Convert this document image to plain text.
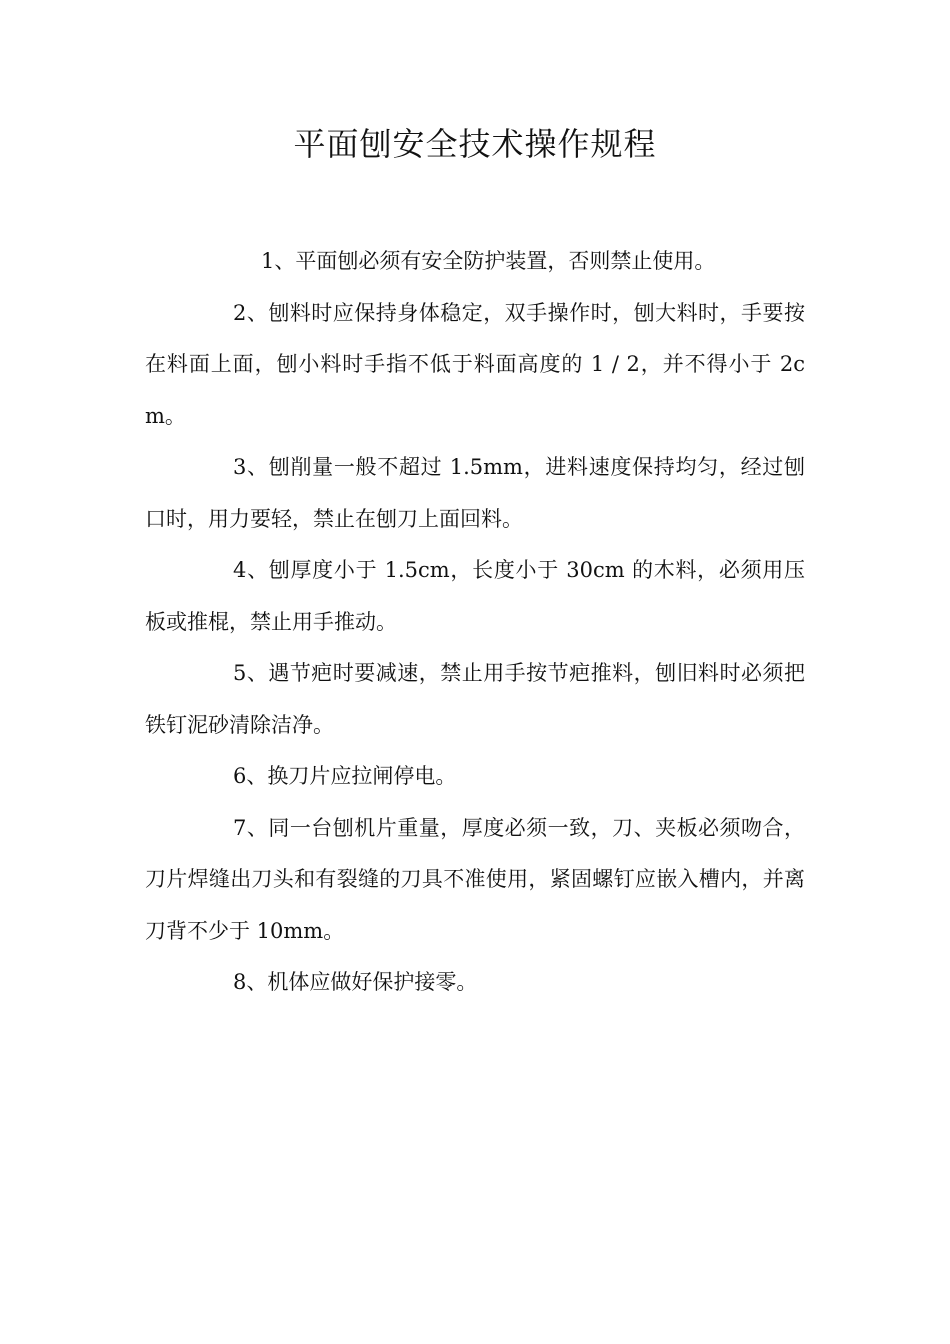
平面刨安全技术操作规程

1、平面刨必须有安全防护装置，否则禁止使用。

2、刨料时应保持身体稳定，双手操作时，刨大料时，手要按在料面上面，刨小料时手指不低于料面高度的 1 / 2，并不得小于 2cm。

3、刨削量一般不超过 1.5mm，进料速度保持均匀，经过刨口时，用力要轻，禁止在刨刀上面回料。

4、刨厚度小于 1.5cm，长度小于 30cm 的木料，必须用压板或推棍，禁止用手推动。

5、遇节疤时要减速，禁止用手按节疤推料，刨旧料时必须把铁钉泥砂清除洁净。

6、换刀片应拉闸停电。

7、同一台刨机片重量，厚度必须一致，刀、夹板必须吻合，刀片焊缝出刀头和有裂缝的刀具不准使用，紧固螺钉应嵌入槽内，并离刀背不少于 10mm。

8、机体应做好保护接零。
